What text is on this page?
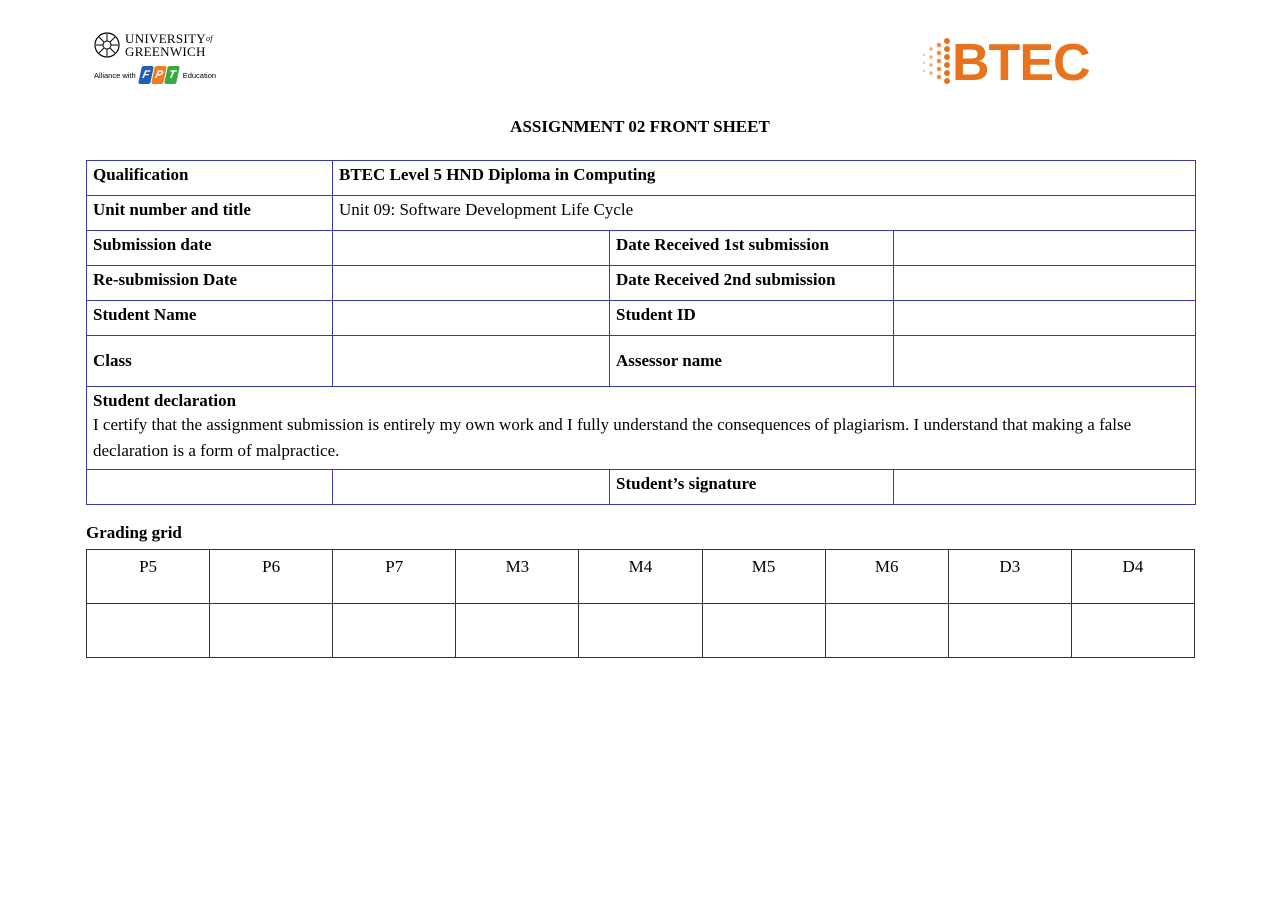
$UNIVERSITY^{of}$
GREENWICH
Alliance with F P T Education	BTEC
ASSIGNMENT 02 FRONT SHEET
Qualification	BTEC Level 5 HND Diploma in Computing		
Unit number and title	Unit 09: Software Development Life Cycle		
Submission date		Date Received 1st submission	
Re-submission Date		Date Received 2nd submission	
Student Name		Student ID	
Class		Assessor name	

Student declaration
I certify that the assignment submission is entirely my own work and I fully understand the consequences of plagiarism. I understand that making a false declaration is a form of malpractice.			

		Student’s signature	
Grading grid
P5	P6	P7	M3	M4	M5	M6	D3	D4
